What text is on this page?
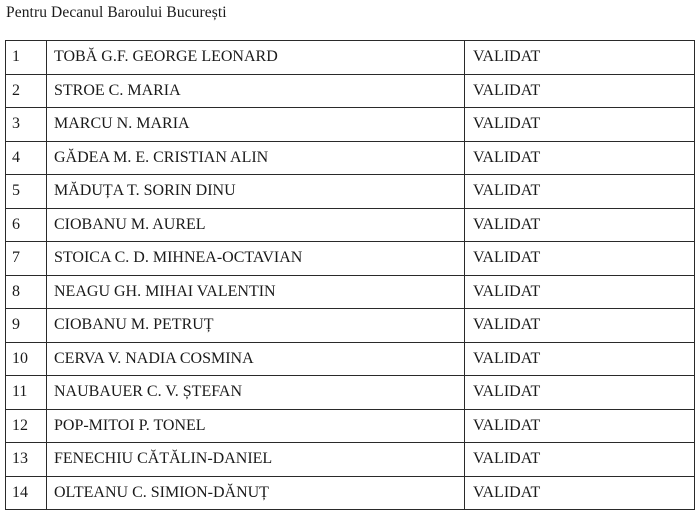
Pentru Decanul Baroului București
1	TOBĂ G.F. GEORGE LEONARD	VALIDAT
2	STROE C. MARIA	VALIDAT
3	MARCU N. MARIA	VALIDAT
4	GĂDEA M. E. CRISTIAN ALIN	VALIDAT
5	MĂDUȚA T. SORIN DINU	VALIDAT
6	CIOBANU M. AUREL	VALIDAT
7	STOICA C. D. MIHNEA-OCTAVIAN	VALIDAT
8	NEAGU GH. MIHAI VALENTIN	VALIDAT
9	CIOBANU M. PETRUȚ	VALIDAT
10	CERVA V. NADIA COSMINA	VALIDAT
11	NAUBAUER C. V. ȘTEFAN	VALIDAT
12	POP-MITOI P. TONEL	VALIDAT
13	FENECHIU CĂTĂLIN-DANIEL	VALIDAT
14	OLTEANU C. SIMION-DĂNUȚ	VALIDAT
